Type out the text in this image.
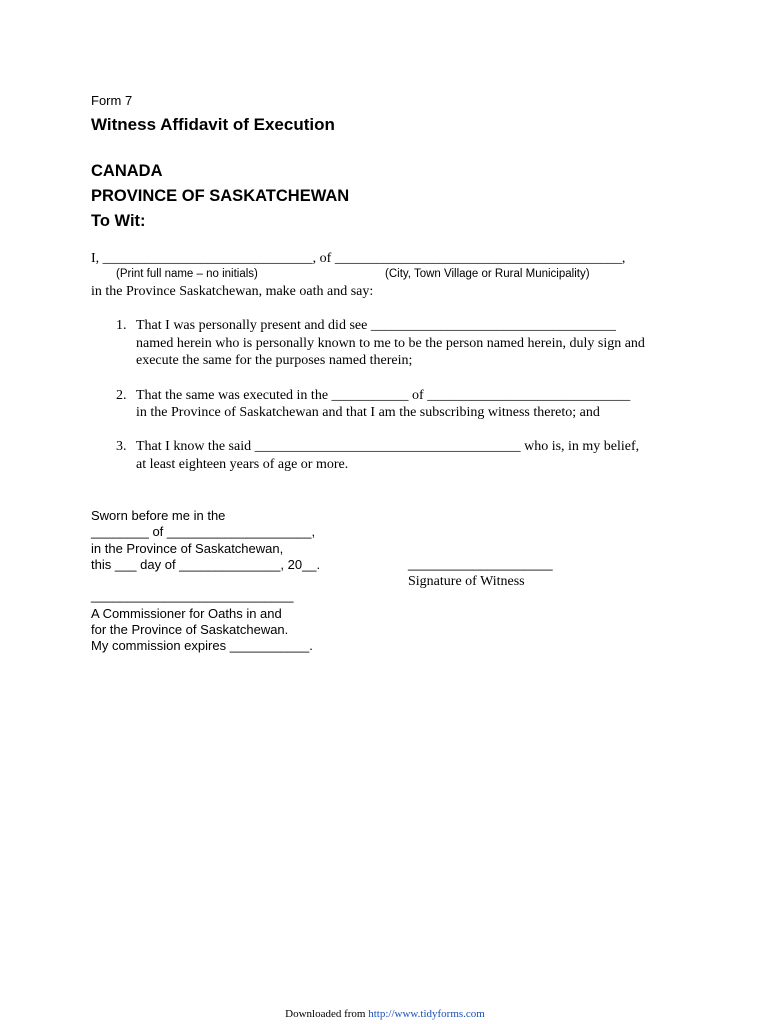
Form 7
Witness Affidavit of Execution
CANADA
PROVINCE OF SASKATCHEWAN
To Wit:
I, ______________________________, of _________________________________________,
(Print full name – no initials)	(City, Town Village or Rural Municipality)
in the Province Saskatchewan, make oath and say:
1. That I was personally present and did see ___________________________________
named herein who is personally known to me to be the person named herein, duly sign and
execute the same for the purposes named therein;
2. That the same was executed in the ___________ of _____________________________
in the Province of Saskatchewan and that I am the subscribing witness thereto; and
3. That I know the said ______________________________________ who is, in my belief,
at least eighteen years of age or more.
Sworn before me in the
________ of ____________________,
in the Province of Saskatchewan,
this ___ day of ______________, 20__.
____________________________
A Commissioner for Oaths in and
for the Province of Saskatchewan.
My commission expires ___________.
____________________
Signature of Witness
Downloaded from http://www.tidyforms.com
